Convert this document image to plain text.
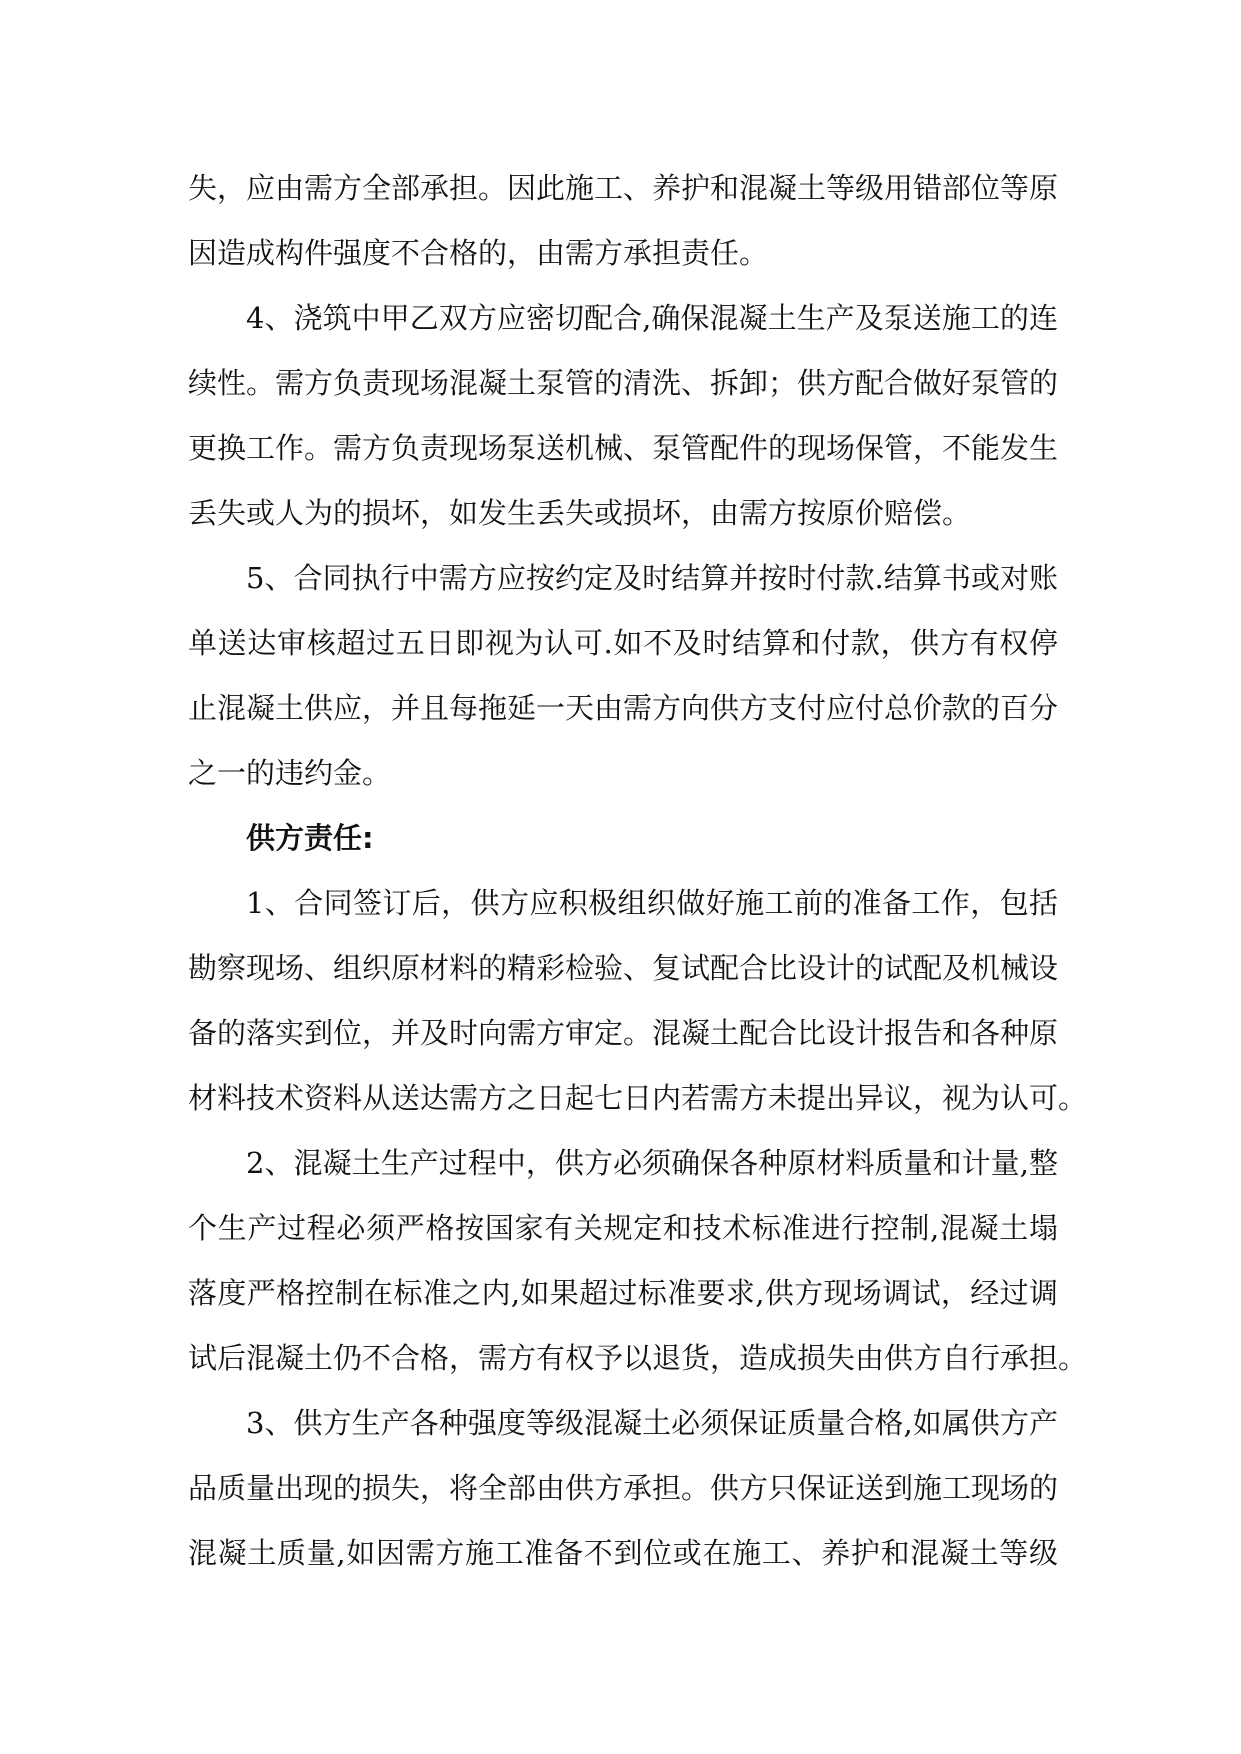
失，应由需方全部承担。因此施工、养护和混凝土等级用错部位等原
因造成构件强度不合格的，由需方承担责任。
4、浇筑中甲乙双方应密切配合,确保混凝土生产及泵送施工的连
续性。需方负责现场混凝土泵管的清洗、拆卸；供方配合做好泵管的
更换工作。需方负责现场泵送机械、泵管配件的现场保管，不能发生
丢失或人为的损坏，如发生丢失或损坏，由需方按原价赔偿。
5、合同执行中需方应按约定及时结算并按时付款.结算书或对账
单送达审核超过五日即视为认可.如不及时结算和付款，供方有权停
止混凝土供应，并且每拖延一天由需方向供方支付应付总价款的百分
之一的违约金。
供方责任:
1、合同签订后，供方应积极组织做好施工前的准备工作，包括
勘察现场、组织原材料的精彩检验、复试配合比设计的试配及机械设
备的落实到位，并及时向需方审定。混凝土配合比设计报告和各种原
材料技术资料从送达需方之日起七日内若需方未提出异议，视为认可。
2、混凝土生产过程中，供方必须确保各种原材料质量和计量,整
个生产过程必须严格按国家有关规定和技术标准进行控制,混凝土塌
落度严格控制在标准之内,如果超过标准要求,供方现场调试，经过调
试后混凝土仍不合格，需方有权予以退货，造成损失由供方自行承担。
3、供方生产各种强度等级混凝土必须保证质量合格,如属供方产
品质量出现的损失，将全部由供方承担。供方只保证送到施工现场的
混凝土质量,如因需方施工准备不到位或在施工、养护和混凝土等级
